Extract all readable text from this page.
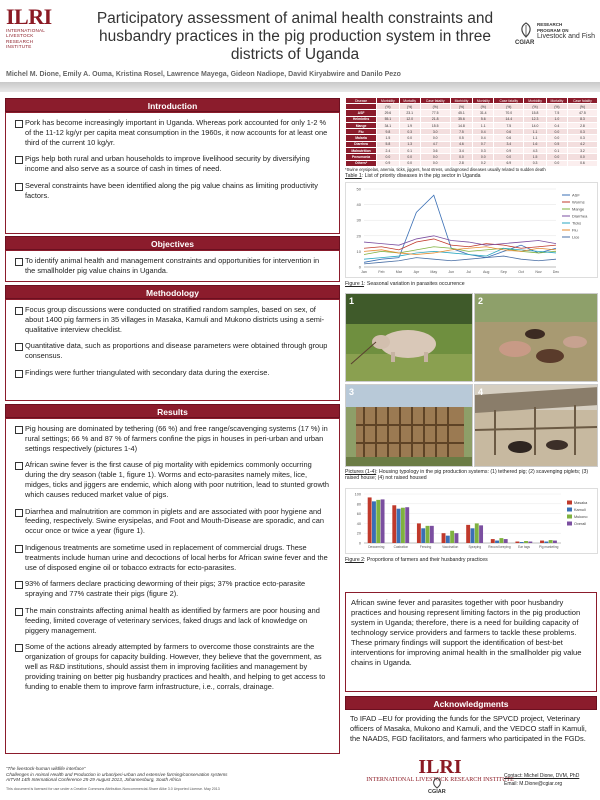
ILRI
INTERNATIONAL
LIVESTOCK RESEARCH
INSTITUTE
Participatory assessment of animal health constraints and husbandry practices in the pig production system in three districts of Uganda
RESEARCH
PROGRAM ON
Livestock and Fish
CGIAR
Michel M. Dione, Emily A. Ouma, Kristina Rosel, Lawrence Mayega, Gideon Nadiope, David Kiryabwire and Danilo Pezo
Introduction
Pork has become increasingly important in Uganda. Whereas pork accounted for only 1-2 % of the 11-12 kg/yr per capita meat consumption in the 1960s, it now accounts for at least one third of the current 10 kg/yr.
Pigs help both rural and urban households to improve livelihood security by diversifying income and also serve as a source of cash in times of need.
Several constraints have been identified along the pig value chains as limiting productivity factors.
Objectives
To identify animal health and management constraints and opportunities for intervention in the smallholder pig value chains in Uganda.
Methodology
Focus group discussions were conducted on stratified random samples, based on sex, of about 1400 pig farmers in 35 villages in Masaka, Kamuli and Mukono districts using a semi-qualitative interview checklist.
Quantitative data, such as proportions and disease parameters were obtained through group consensus.
Findings were further triangulated with secondary data during the exercise.
Results
Pig housing are dominated by tethering (66 %) and free range/scavenging systems (17 %) in rural settings; 66 % and 87 % of farmers confine the pigs in houses in peri-urban and urban settings respectively (pictures 1-4)
African swine fever is the first cause of pig mortality with epidemics commonly occurring during the dry season (table 1, figure 1). Worms and ecto-parasites namely mites, lice, midges, ticks and jiggers are endemic, which along with poor nutrition, lead to stunted growth which causes reduced market value of pigs.
Diarrhea and malnutrition are common in piglets and are associated with poor hygiene and feeding, respectively. Swine erysipelas, and Foot and Mouth-Disease are sporadic, and can occur once or twice a year (figure 1).
Indigenous treatments are sometime used in replacement of commercial drugs. These treatments include human urine and decoctions of local herbs for African swine fever and the use of disposed engine oil or tobacco extracts for ecto-parasites.
93% of farmers declare practicing deworming of their pigs; 37% practice ecto-parasite spraying and 77% castrate their pigs (figure 2).
The main constraints affecting animal health as identified by farmers are poor housing and feeding, limited coverage of veterinary services, faked drugs and lack of knowledge on piggery management.
Some of the actions already attempted by farmers to overcome those constraints are the organization of groups for capacity building. However, they believe that the government, as well as R&D institutions, should assist them in improving facilities and management by providing training on better pig husbandry practices and health, and helping to get access to funding to enable them to improve farm infrastructure, i.e., corrals, drainage.
Disease	Morbidity	Mortality	Case fatality	Morbidity	Mortality	Case fatality	Morbidity	Mortality	Case fatality
	(%)	(%)	(%)	(%)	(%)	(%)	(%)	(%)	(%)
ASF	29.6	23.1	77.5	45.1	31.4	70.0	15.8	7.5	47.5
Helminths	55.1	12.0	21.8	35.6	5.6	14.4	12.3	1.0	8.3
Mange	34.1	1.9	15.5	14.8	1.1	7.5	14.0	0.4	2.8
Flu	9.8	0.3	3.0	7.5	0.4	0.6	1.1	0.0	0.3
Malaria	1.5	0.0	0.0	0.5	0.4	0.6	1.1	0.0	0.3
Diarrhea	5.8	1.3	4.7	4.6	0.7	3.4	1.6	0.5	4.2
Malnutrition	2.4	0.1	3.6	3.4	0.3	0.9	4.3	0.1	3.2
Pneumonia	0.0	0.0	0.0	0.0	0.0	0.0	1.5	0.0	0.0
Others*	0.9	0.0	0.0	2.8	0.2	6.9	0.3	0.0	0.6
*Swine erysipelas, anemia, ticks, jiggers, heat stress, undiagnosed diseases usually related to sudden death
Table 1: List of priority diseases in the pig sector in Uganda
0
10
20
30
40
50
Jan	Feb	Mar	Apr	May	Jun	Jul	Aug	Sep	Oct	Nov	Dec
ASF
Worms
Mange
Diarrhea
Ticks
Flu
Lice
Figure 1: Seasonal variation in parasites occurrence
1	2
3	4
Pictures (1-4): Housing typology in the pig production systems: (1) tethered pig; (2) scavenging piglets; (3) raised house; (4) not raised housed
0
20
40
60
80
100
Deworming	Castration	Fencing	Vaccination	Spraying Record keeping Ear tags	Pig marketing
Masaka
Kamuli
Mukono
Overall
Figure 2: Proportions of farmers and their husbandry practices

African swine fever and parasites together with poor husbandry practices and housing represent limiting factors in the pig production system in Uganda; therefore, there is a need for building capacity of technology service providers and farmers to tackle these problems. These primary findings will support the identification of best-bet interventions for improving animal health in the smallholder pig value chains in Uganda.

Acknowledgments

To IFAD –EU for providing the funds for the SPVCD project, Veterinary officers of Masaka, Mukono and Kamuli, and the VEDCO staff in Kamuli, the NAADS, FGD facilitators, and farmers who participated in the FGDs.

“The livestock-human wildlife interface”
Challenges in Animal Health and Production in urban/peri-urban and extensive farming/conservation systems
AITVM 14th International Conference 25-29 August 2013, Johannesburg, South Africa
This document is licensed for use under a Creative Commons Attribution-Noncommercial-Share Alike 3.0 Unported License. May 2013
ILRI
INTERNATIONAL LIVESTOCK RESEARCH INSTITUTE
CGIAR
Contact: Michel Dione, DVM, PhD
Email: M.Dione@cgiar.org
